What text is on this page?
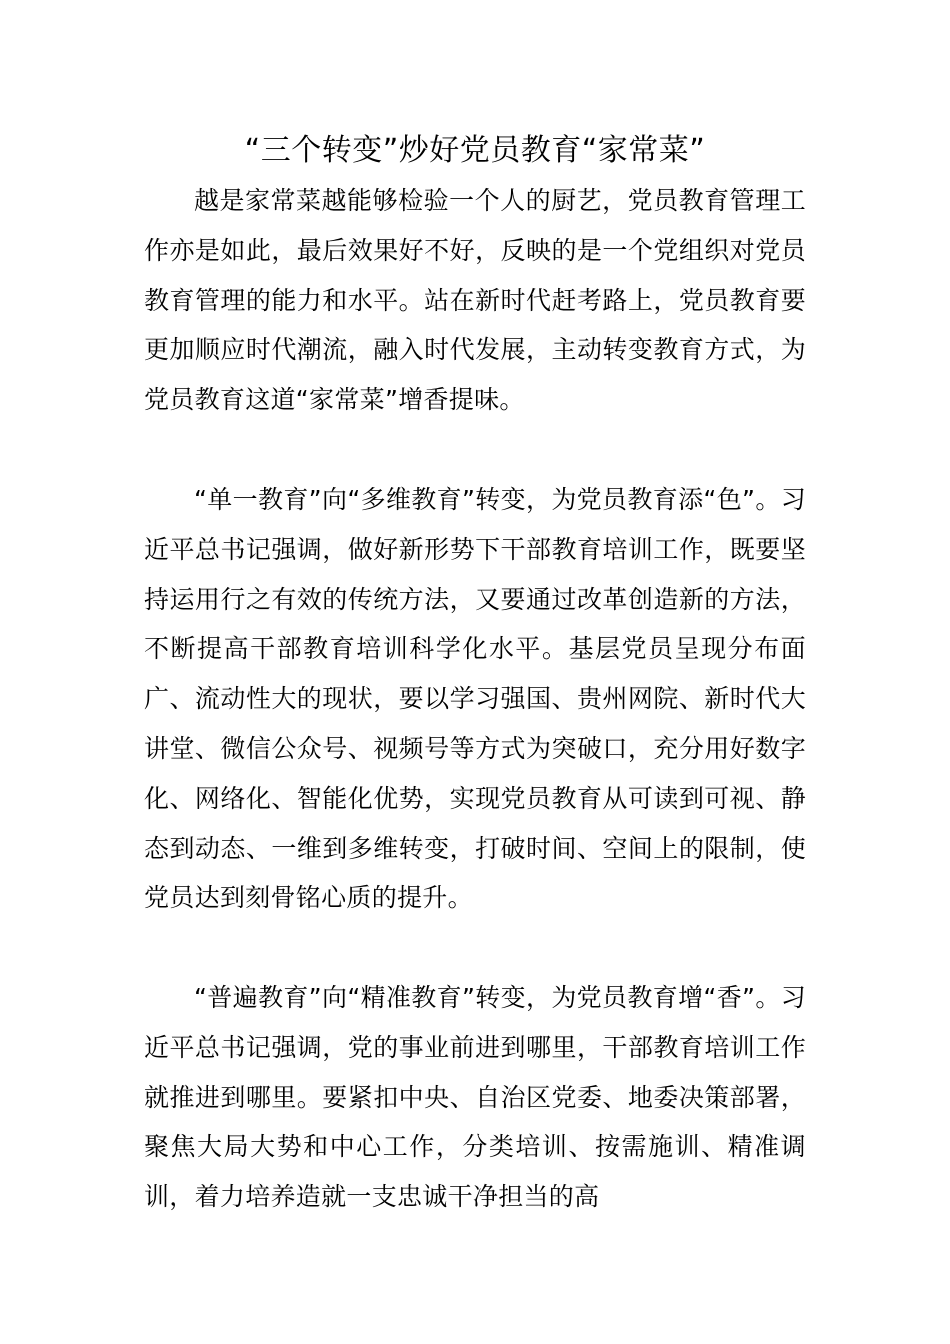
“三个转变”炒好党员教育“家常菜”

越是家常菜越能够检验一个人的厨艺，党员教育管理工作亦是如此，最后效果好不好，反映的是一个党组织对党员教育管理的能力和水平。站在新时代赶考路上，党员教育要更加顺应时代潮流，融入时代发展，主动转变教育方式，为党员教育这道“家常菜”增香提味。

“单一教育”向“多维教育”转变，为党员教育添“色”。习近平总书记强调，做好新形势下干部教育培训工作，既要坚持运用行之有效的传统方法，又要通过改革创造新的方法，不断提高干部教育培训科学化水平。基层党员呈现分布面广、流动性大的现状，要以学习强国、贵州网院、新时代大讲堂、微信公众号、视频号等方式为突破口，充分用好数字化、网络化、智能化优势，实现党员教育从可读到可视、静态到动态、一维到多维转变，打破时间、空间上的限制，使党员达到刻骨铭心质的提升。

“普遍教育”向“精准教育”转变，为党员教育增“香”。习近平总书记强调，党的事业前进到哪里，干部教育培训工作就推进到哪里。要紧扣中央、自治区党委、地委决策部署，聚焦大局大势和中心工作，分类培训、按需施训、精准调训，着力培养造就一支忠诚干净担当的高
